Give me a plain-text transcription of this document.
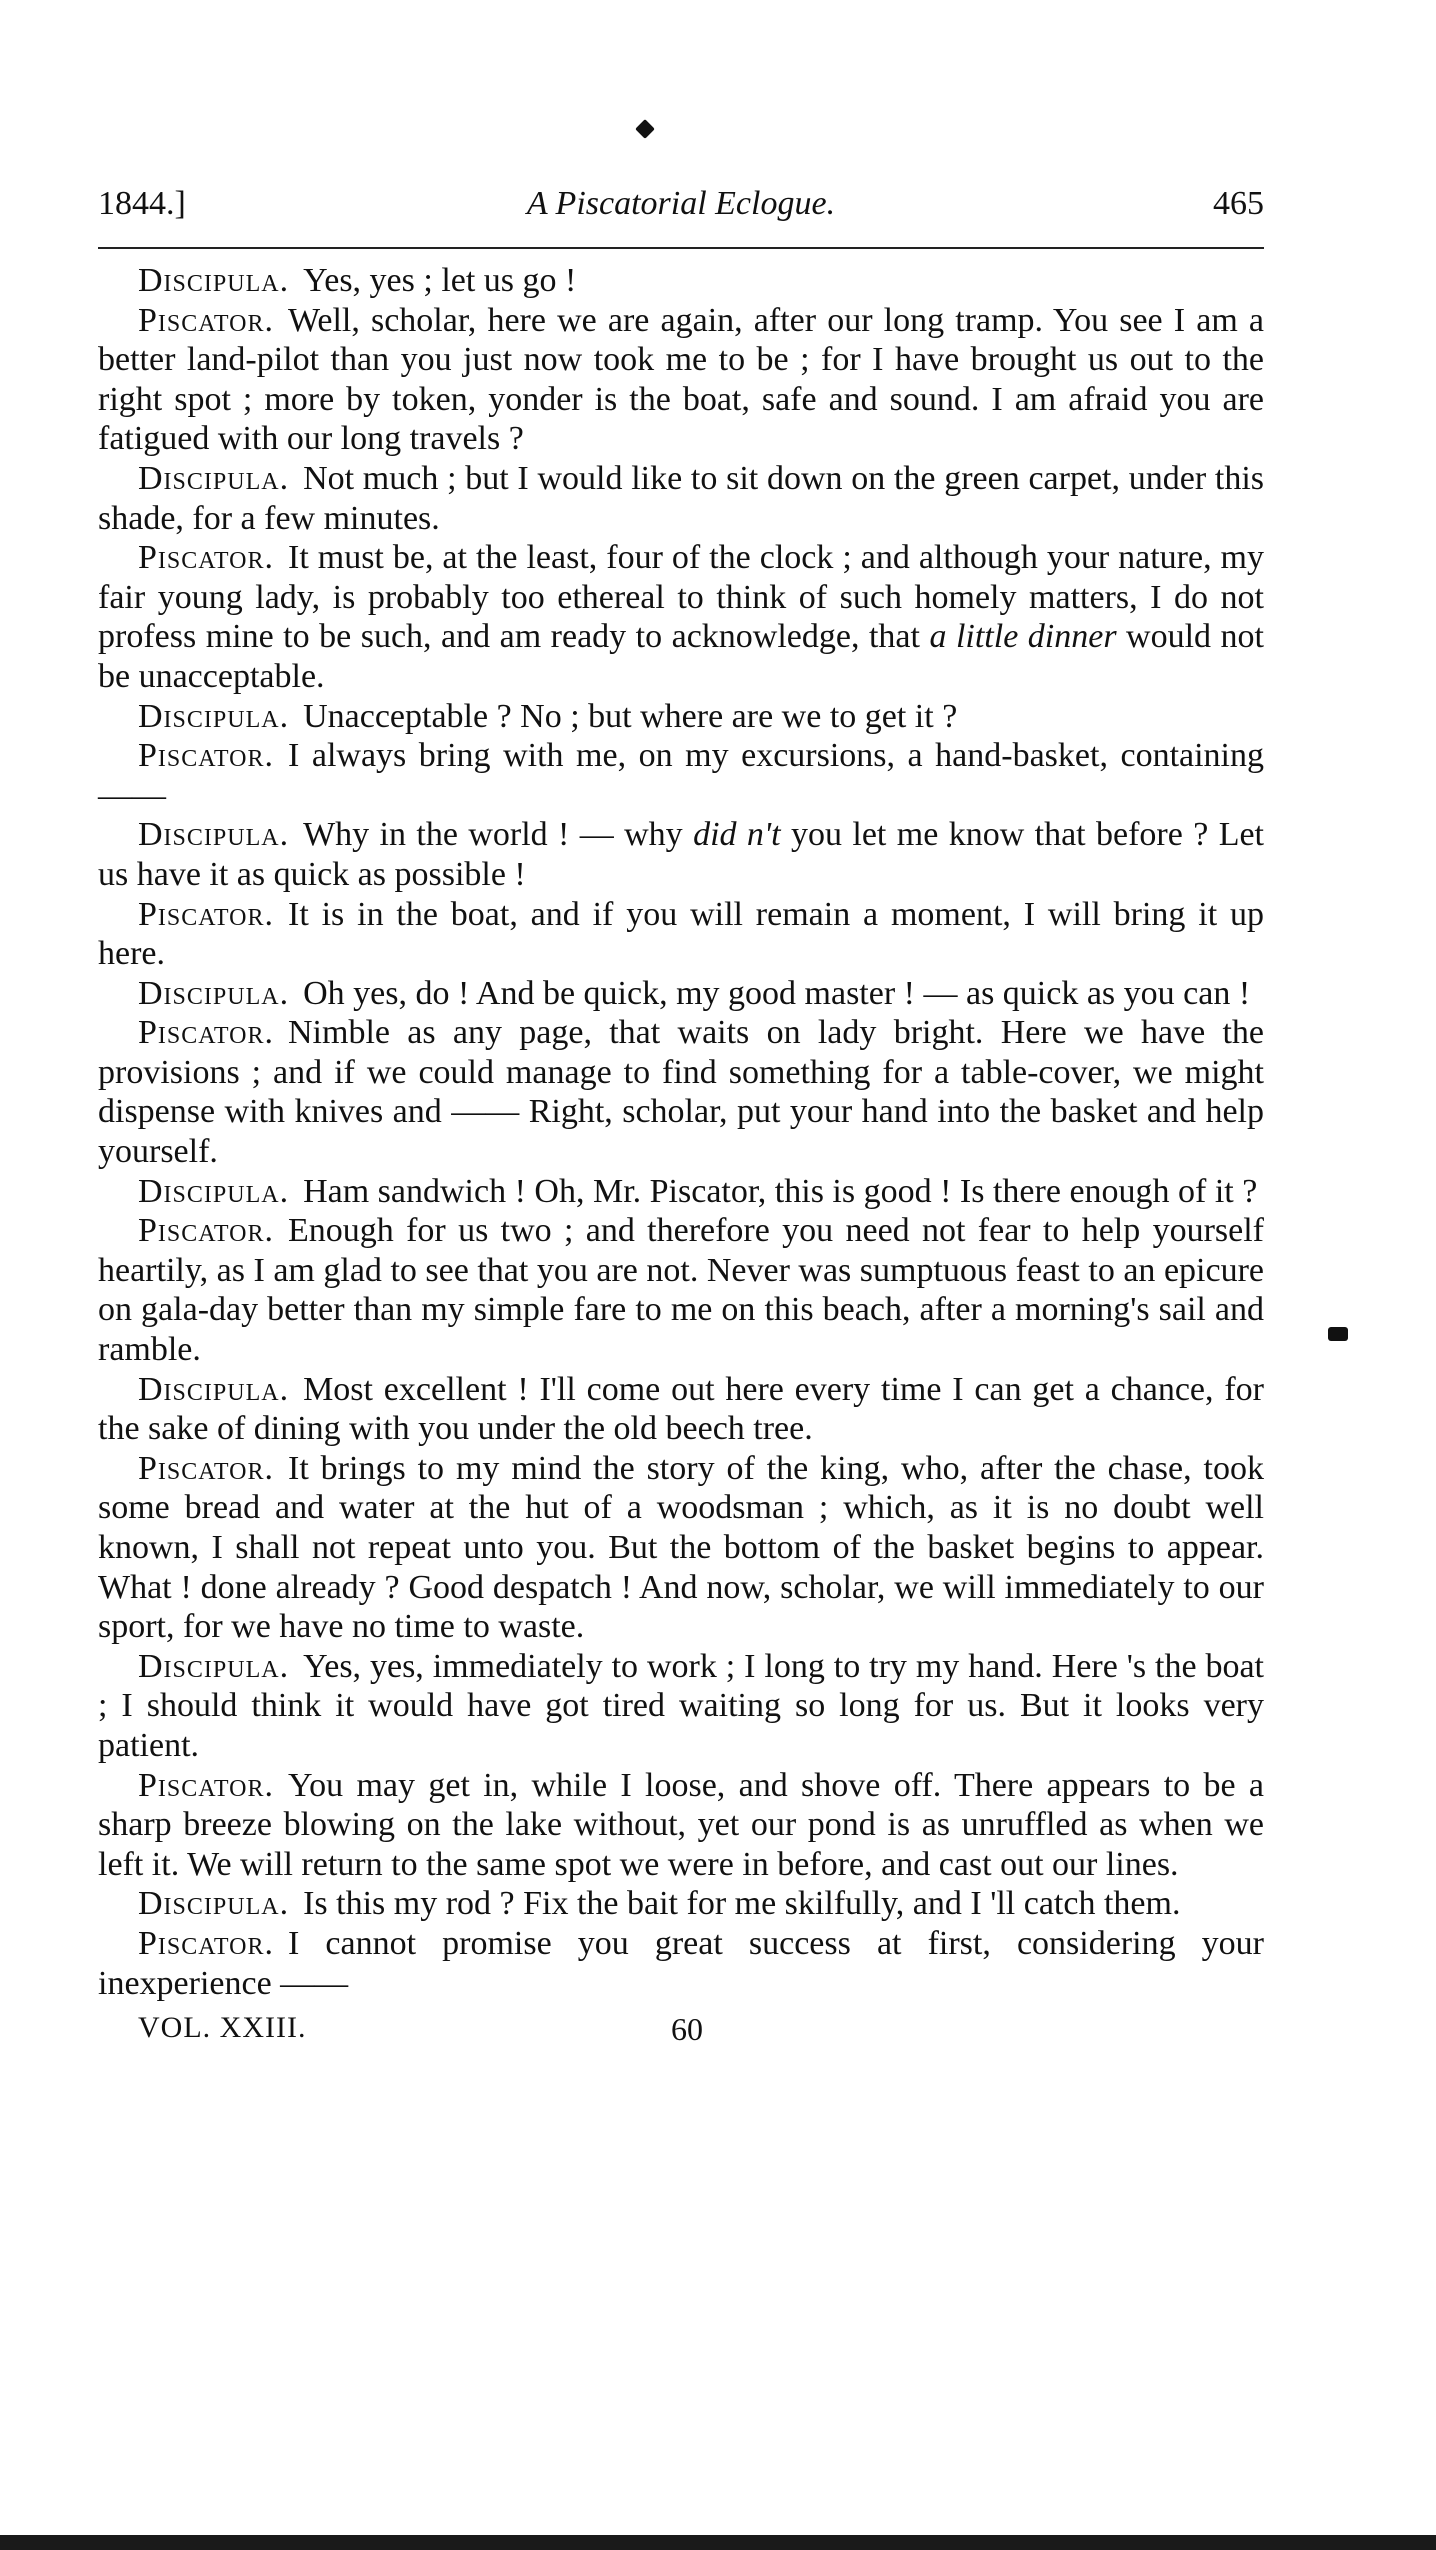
1844.]	A Piscatorial Eclogue.	465

Discipula. Yes, yes ; let us go !

Piscator. Well, scholar, here we are again, after our long tramp. You see I am a better land-pilot than you just now took me to be ; for I have brought us out to the right spot ; more by token, yonder is the boat, safe and sound. I am afraid you are fatigued with our long travels ?

Discipula. Not much ; but I would like to sit down on the green carpet, under this shade, for a few minutes.

Piscator. It must be, at the least, four of the clock ; and although your nature, my fair young lady, is probably too ethereal to think of such homely matters, I do not profess mine to be such, and am ready to acknowledge, that a little dinner would not be unacceptable.

Discipula. Unacceptable ? No ; but where are we to get it ?

Piscator. I always bring with me, on my excursions, a hand-basket, containing ——

Discipula. Why in the world ! — why did n't you let me know that before ? Let us have it as quick as possible !

Piscator. It is in the boat, and if you will remain a moment, I will bring it up here.

Discipula. Oh yes, do ! And be quick, my good master ! — as quick as you can !

Piscator. Nimble as any page, that waits on lady bright. Here we have the provisions ; and if we could manage to find something for a table-cover, we might dispense with knives and —— Right, scholar, put your hand into the basket and help yourself.

Discipula. Ham sandwich ! Oh, Mr. Piscator, this is good ! Is there enough of it ?

Piscator. Enough for us two ; and therefore you need not fear to help yourself heartily, as I am glad to see that you are not. Never was sumptuous feast to an epicure on gala-day better than my simple fare to me on this beach, after a morning's sail and ramble.

Discipula. Most excellent ! I'll come out here every time I can get a chance, for the sake of dining with you under the old beech tree.

Piscator. It brings to my mind the story of the king, who, after the chase, took some bread and water at the hut of a woodsman ; which, as it is no doubt well known, I shall not repeat unto you. But the bottom of the basket begins to appear. What ! done already ? Good despatch ! And now, scholar, we will immediately to our sport, for we have no time to waste.

Discipula. Yes, yes, immediately to work ; I long to try my hand. Here 's the boat ; I should think it would have got tired waiting so long for us. But it looks very patient.

Piscator. You may get in, while I loose, and shove off. There appears to be a sharp breeze blowing on the lake without, yet our pond is as unruffled as when we left it. We will return to the same spot we were in before, and cast out our lines.

Discipula. Is this my rod ? Fix the bait for me skilfully, and I 'll catch them.

Piscator. I cannot promise you great success at first, considering your inexperience ——

VOL. XXIII.	60
